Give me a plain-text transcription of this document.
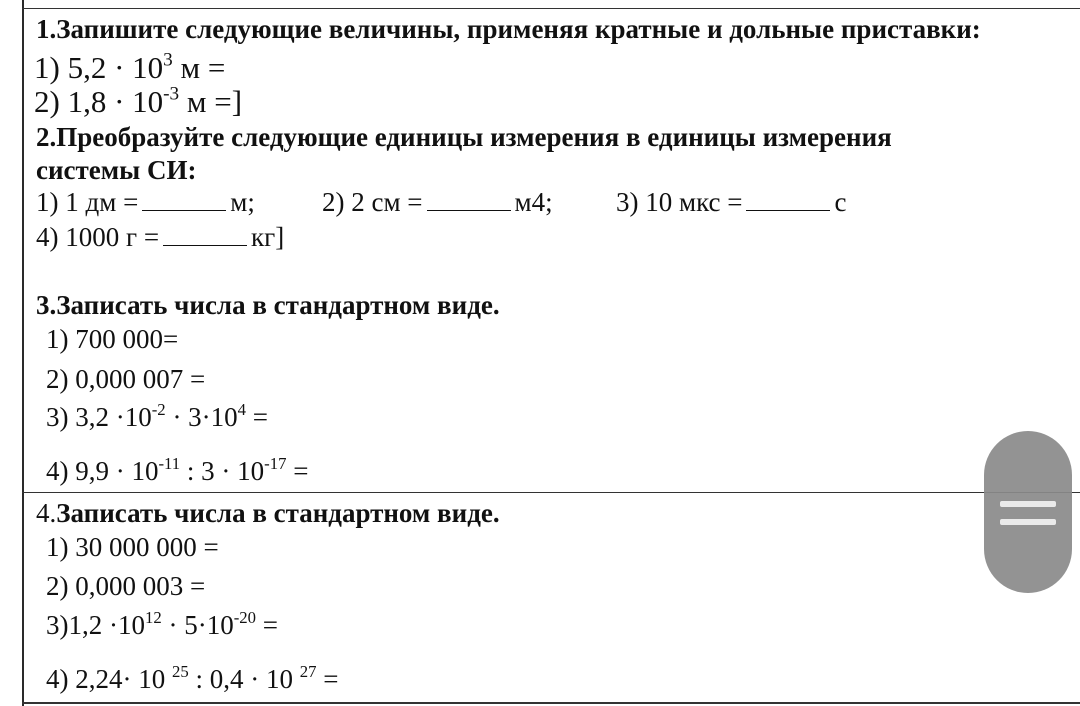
1.Запишите следующие величины, применяя кратные и дольные приставки:
1) $5,2 \cdot 10^3$ м =
2) $1,8 \cdot 10^{-3}$ м =]
2.Преобразуйте следующие единицы измерения в единицы измерения
системы СИ:
1) 1 дм =	м; 2) 2 см =	м4; 3) 10 мкс =	с
4) 1000 г =	кг]
3.Записать числа в стандартном виде.
1) 700 000=
2) 0,000 007 =
3) $3,2 \cdot 10^{-2} \cdot 3\cdot 10^4$ =
4) $9,9 \cdot 10^{-11}$ : $3 \cdot 10^{-17}$ =
4.Записать числа в стандартном виде.
1) 30 000 000 =
2) 0,000 003 =
$3)1,2 \cdot 10^{12} \cdot 5\cdot 10^{-20}$ =
4) 2,24· 10 $^{25}$ : 0,4 · 10 $^{27}$ =
